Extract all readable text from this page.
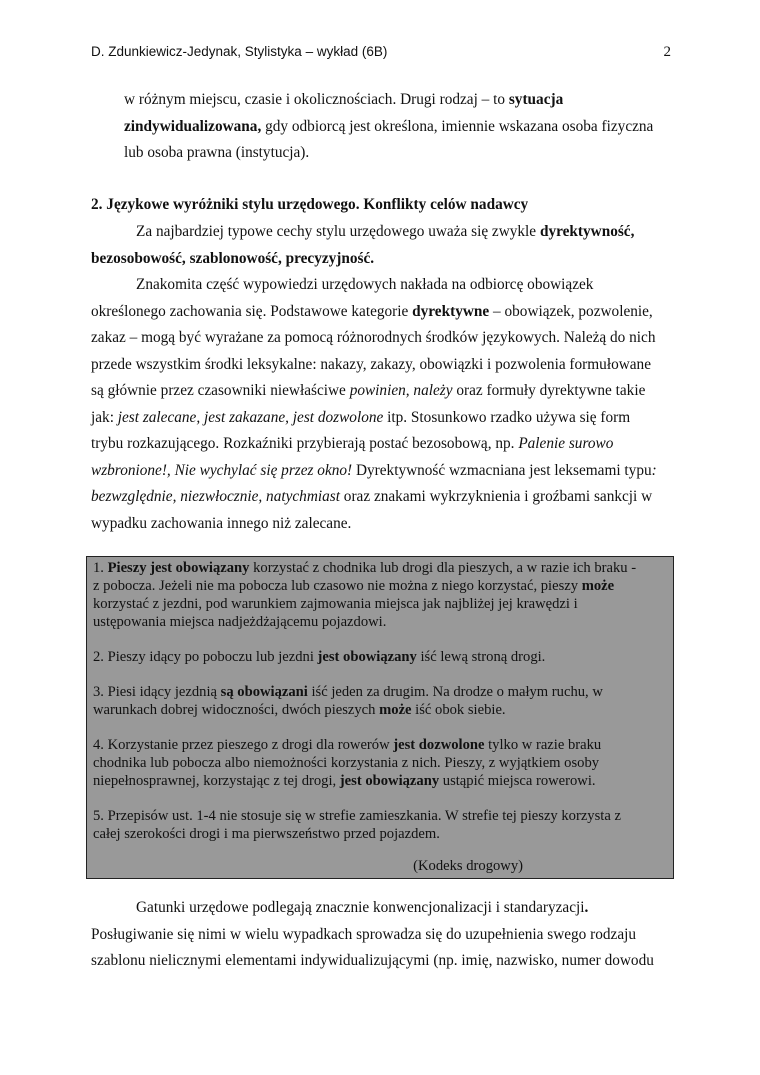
D. Zdunkiewicz-Jedynak, Stylistyka – wykład (6B)	2
w różnym miejscu, czasie i okolicznościach. Drugi rodzaj – to sytuacja
zindywidualizowana, gdy odbiorcą jest określona, imiennie wskazana osoba fizyczna
lub osoba prawna (instytucja).
2. Językowe wyróżniki stylu urzędowego. Konflikty celów nadawcy
Za najbardziej typowe cechy stylu urzędowego uważa się zwykle dyrektywność,
bezosobowość, szablonowość, precyzyjność.
Znakomita część wypowiedzi urzędowych nakłada na odbiorcę obowiązek
określonego zachowania się. Podstawowe kategorie dyrektywne – obowiązek, pozwolenie,
zakaz – mogą być wyrażane za pomocą różnorodnych środków językowych. Należą do nich
przede wszystkim środki leksykalne: nakazy, zakazy, obowiązki i pozwolenia formułowane
są głównie przez czasowniki niewłaściwe powinien, należy oraz formuły dyrektywne takie
jak: jest zalecane, jest zakazane, jest dozwolone itp. Stosunkowo rzadko używa się form
trybu rozkazującego. Rozkaźniki przybierają postać bezosobową, np. Palenie surowo
wzbronione!, Nie wychylać się przez okno! Dyrektywność wzmacniana jest leksemami typu:
bezwzględnie, niezwłocznie, natychmiast oraz znakami wykrzyknienia i groźbami sankcji w
wypadku zachowania innego niż zalecane.
1. Pieszy jest obowiązany korzystać z chodnika lub drogi dla pieszych, a w razie ich braku -
z pobocza. Jeżeli nie ma pobocza lub czasowo nie można z niego korzystać, pieszy może
korzystać z jezdni, pod warunkiem zajmowania miejsca jak najbliżej jej krawędzi i
ustępowania miejsca nadjeżdżającemu pojazdowi.
2. Pieszy idący po poboczu lub jezdni jest obowiązany iść lewą stroną drogi.
3. Piesi idący jezdnią są obowiązani iść jeden za drugim. Na drodze o małym ruchu, w
warunkach dobrej widoczności, dwóch pieszych może iść obok siebie.
4. Korzystanie przez pieszego z drogi dla rowerów jest dozwolone tylko w razie braku
chodnika lub pobocza albo niemożności korzystania z nich. Pieszy, z wyjątkiem osoby
niepełnosprawnej, korzystając z tej drogi, jest obowiązany ustąpić miejsca rowerowi.
5. Przepisów ust. 1-4 nie stosuje się w strefie zamieszkania. W strefie tej pieszy korzysta z
całej szerokości drogi i ma pierwszeństwo przed pojazdem.
(Kodeks drogowy)
Gatunki urzędowe podlegają znacznie konwencjonalizacji i standaryzacji.
Posługiwanie się nimi w wielu wypadkach sprowadza się do uzupełnienia swego rodzaju
szablonu nielicznymi elementami indywidualizującymi (np. imię, nazwisko, numer dowodu
